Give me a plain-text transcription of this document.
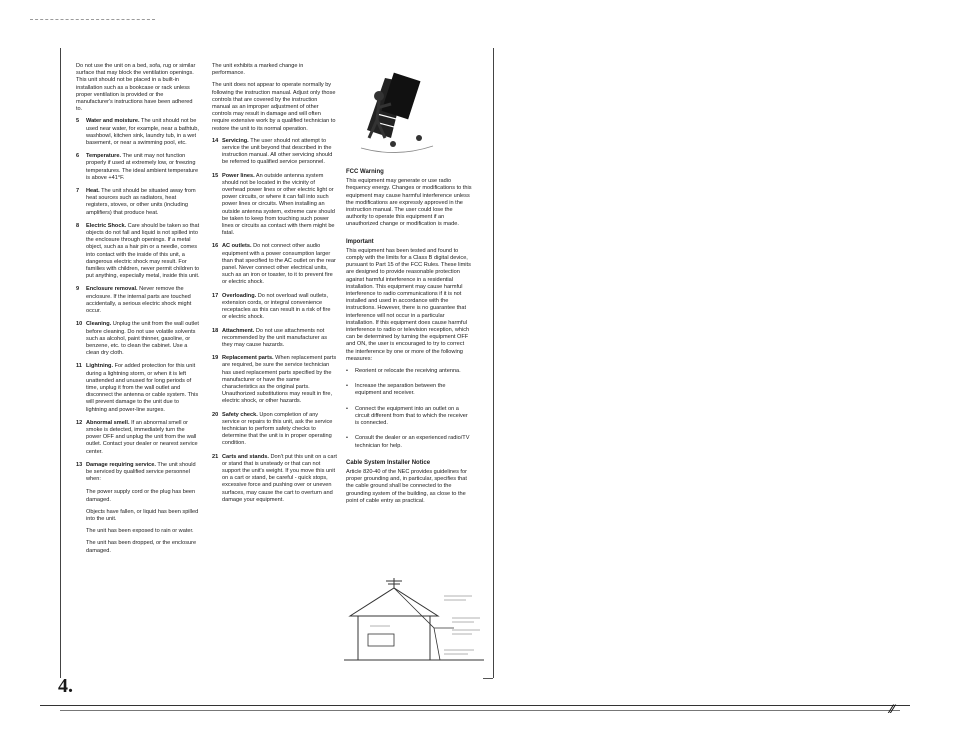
Do not use the unit on a bed, sofa, rug or similar surface that may block the ventilation openings. This unit should not be placed in a built-in installation such as a bookcase or rack unless proper ventilation is provided or the manufacturer's instructions have been adhered to.

5 Water and moisture. The unit should not be used near water, for example, near a bathtub, washbowl, kitchen sink, laundry tub, in a wet basement, or near a swimming pool, etc.
6 Temperature. The unit may not function properly if used at extremely low, or freezing temperatures. The ideal ambient temperature is above +41°F.
7 Heat. The unit should be situated away from heat sources such as radiators, heat registers, stoves, or other units (including amplifiers) that produce heat.
8 Electric Shock. Care should be taken so that objects do not fall and liquid is not spilled into the enclosure through openings. If a metal object, such as a hair pin or a needle, comes into contact with the inside of this unit, a dangerous electric shock may result. For families with children, never permit children to put anything, especially metal, inside this unit.
9 Enclosure removal. Never remove the enclosure. If the internal parts are touched accidentally, a serious electric shock might occur.
10 Cleaning. Unplug the unit from the wall outlet before cleaning. Do not use volatile solvents such as alcohol, paint thinner, gasoline, or benzene, etc. to clean the cabinet. Use a clean dry cloth.
11 Lightning. For added protection for this unit during a lightning storm, or when it is left unattended and unused for long periods of time, unplug it from the wall outlet and disconnect the antenna or cable system. This will prevent damage to the unit due to lightning and power-line surges.
12 Abnormal smell. If an abnormal smell or smoke is detected, immediately turn the power OFF and unplug the unit from the wall outlet. Contact your dealer or nearest service center.
13 Damage requiring service. The unit should be serviced by qualified service personnel when:

The power supply cord or the plug has been damaged.

Objects have fallen, or liquid has been spilled into the unit.

The unit has been exposed to rain or water.

The unit has been dropped, or the enclosure damaged.

The unit exhibits a marked change in performance.

The unit does not appear to operate normally by following the instruction manual. Adjust only those controls that are covered by the instruction manual as an improper adjustment of other controls may result in damage and will often require extensive work by a qualified technician to restore the unit to its normal operation.

14 Servicing. The user should not attempt to service the unit beyond that described in the instruction manual. All other servicing should be referred to qualified service personnel.
15 Power lines. An outside antenna system should not be located in the vicinity of overhead power lines or other electric light or power circuits, or where it can fall into such power lines or circuits. When installing an outside antenna system, extreme care should be taken to keep from touching such power lines or circuits as contact with them might be fatal.
16 AC outlets. Do not connect other audio equipment with a power consumption larger than that specified to the AC outlet on the rear panel. Never connect other electrical units, such as an iron or toaster, to it to prevent fire or electric shock.
17 Overloading. Do not overload wall outlets, extension cords, or integral convenience receptacles as this can result in a risk of fire or electric shock.
18 Attachment. Do not use attachments not recommended by the unit manufacturer as they may cause hazards.
19 Replacement parts. When replacement parts are required, be sure the service technician has used replacement parts specified by the manufacturer or have the same characteristics as the original parts. Unauthorized substitutions may result in fire, electric shock, or other hazards.
20 Safety check. Upon completion of any service or repairs to this unit, ask the service technician to perform safety checks to determine that the unit is in proper operating condition.
21 Carts and stands. Don't put this unit on a cart or stand that is unsteady or that can not support the unit's weight. If you move this unit on a cart or stand, be careful - quick stops, excessive force and pushing over or uneven surfaces, may cause the cart to overturn and damage your equipment.
FCC Warning

This equipment may generate or use radio frequency energy. Changes or modifications to this equipment may cause harmful interference unless the modifications are expressly approved in the instruction manual. The user could lose the authority to operate this equipment if an unauthorized change or modification is made.

Important

This equipment has been tested and found to comply with the limits for a Class B digital device, pursuant to Part 15 of the FCC Rules. These limits are designed to provide reasonable protection against harmful interference in a residential installation. This equipment may cause harmful interference to radio communications if it is not installed and used in accordance with the instructions. However, there is no guarantee that interference will not occur in a particular installation. If this equipment does cause harmful interference to radio or television reception, which can be determined by turning the equipment OFF and ON, the user is encouraged to try to correct the interference by one or more of the following measures:

• Reorient or relocate the receiving antenna.
• Increase the separation between the equipment and receiver.
• Connect the equipment into an outlet on a circuit different from that to which the receiver is connected.
• Consult the dealer or an experienced radio/TV technician for help.
Cable System Installer Notice

Article 820-40 of the NEC provides guidelines for proper grounding and, in particular, specifies that the cable ground shall be connected to the grounding system of the building, as close to the point of cable entry as practical.

4.
⁄⁄
